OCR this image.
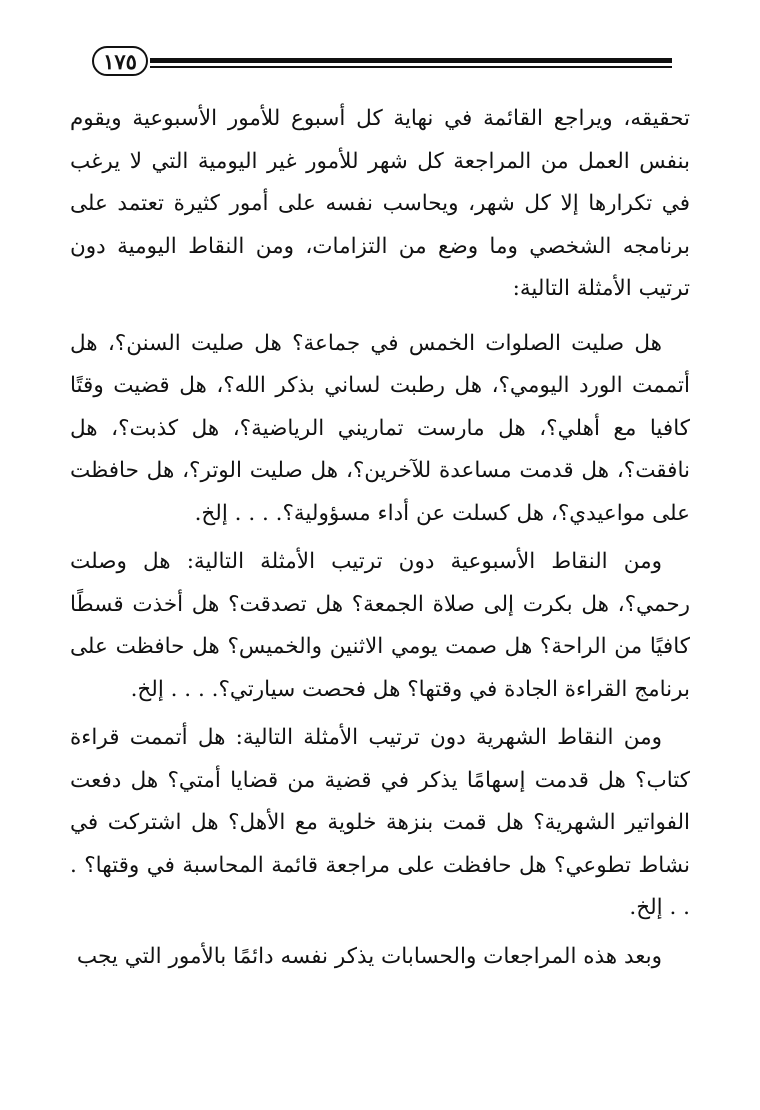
١٧٥

تحقيقه، ويراجع القائمة في نهاية كل أسبوع للأمور الأسبوعية ويقوم بنفس العمل من المراجعة كل شهر للأمور غير اليومية التي لا يرغب في تكرارها إلا كل شهر، ويحاسب نفسه على أمور كثيرة تعتمد على برنامجه الشخصي وما وضع من التزامات، ومن النقاط اليومية دون ترتيب الأمثلة التالية:

هل صليت الصلوات الخمس في جماعة؟ هل صليت السنن؟، هل أتممت الورد اليومي؟، هل رطبت لساني بذكر الله؟، هل قضيت وقتًا كافيا مع أهلي؟، هل مارست تماريني الرياضية؟، هل كذبت؟، هل نافقت؟، هل قدمت مساعدة للآخرين؟، هل صليت الوتر؟، هل حافظت على مواعيدي؟، هل كسلت عن أداء مسؤولية؟. . . . إلخ.

ومن النقاط الأسبوعية دون ترتيب الأمثلة التالية: هل وصلت رحمي؟، هل بكرت إلى صلاة الجمعة؟ هل تصدقت؟ هل أخذت قسطًا كافيًا من الراحة؟ هل صمت يومي الاثنين والخميس؟ هل حافظت على برنامج القراءة الجادة في وقتها؟ هل فحصت سيارتي؟. . . . إلخ.

ومن النقاط الشهرية دون ترتيب الأمثلة التالية: هل أتممت قراءة كتاب؟ هل قدمت إسهامًا يذكر في قضية من قضايا أمتي؟ هل دفعت الفواتير الشهرية؟ هل قمت بنزهة خلوية مع الأهل؟ هل اشتركت في نشاط تطوعي؟ هل حافظت على مراجعة قائمة المحاسبة في وقتها؟ . . . إلخ.

وبعد هذه المراجعات والحسابات يذكر نفسه دائمًا بالأمور التي يجب
